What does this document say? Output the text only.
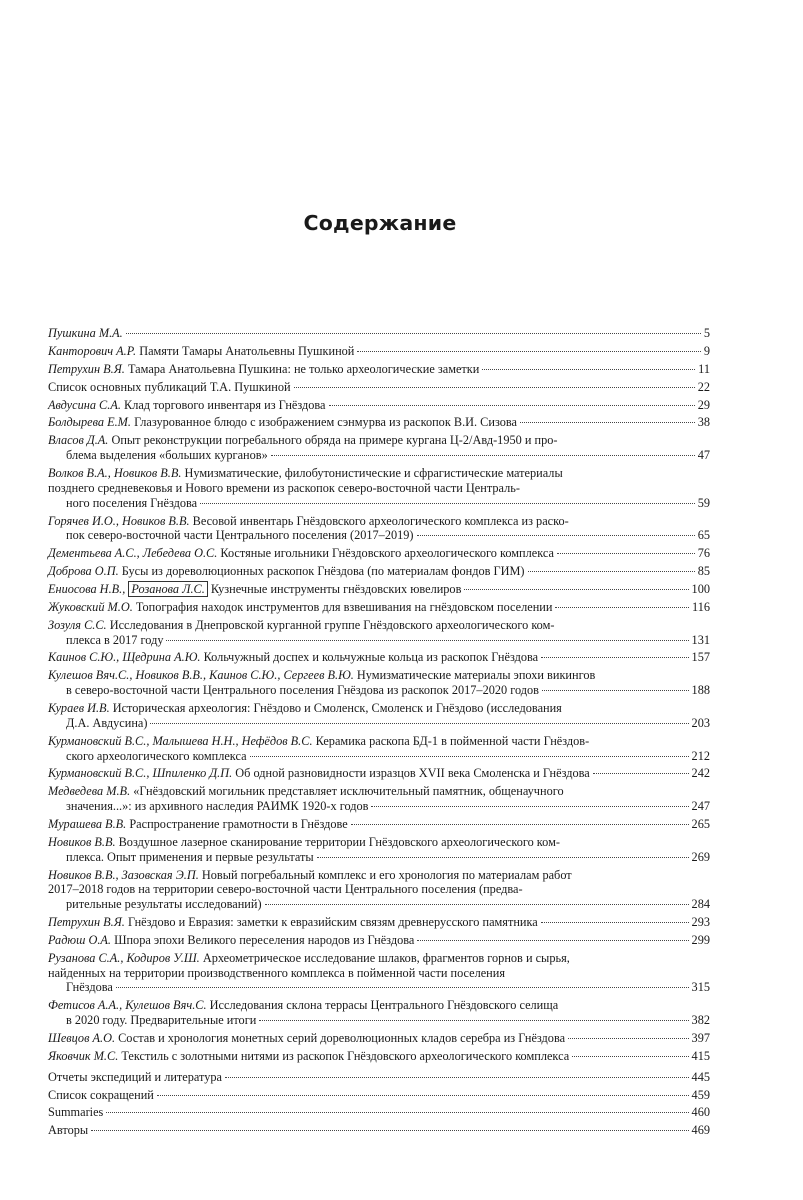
Содержание
Пушкина М.А.	5
Канторович А.Р. Памяти Тамары Анатольевны Пушкиной	9
Петрухин В.Я. Тамара Анатольевна Пушкина: не только археологические заметки	11
Список основных публикаций Т.А. Пушкиной	22
Авдусина С.А. Клад торгового инвентаря из Гнёздова	29
Болдырева Е.М. Глазурованное блюдо с изображением сэнмурва из раскопок В.И. Сизова	38
Власов Д.А. Опыт реконструкции погребального обряда на примере кургана Ц-2/Авд-1950 и про-
блема выделения «больших курганов»	47
Волков В.А., Новиков В.В. Нумизматические, филобутонистические и сфрагистические материалы
позднего средневековья и Нового времени из раскопок северо-восточной части Централь-
ного поселения Гнёздова	59
Горячев И.О., Новиков В.В. Весовой инвентарь Гнёздовского археологического комплекса из раско-
пок северо-восточной части Центрального поселения (2017–2019)	65
Дементьева А.С., Лебедева О.С. Костяные игольники Гнёздовского археологического комплекса	76
Доброва О.П. Бусы из дореволюционных раскопок Гнёздова (по материалам фондов ГИМ)	85
Ениосова Н.В., Розанова Л.С. Кузнечные инструменты гнёздовских ювелиров	100
Жуковский М.О. Топография находок инструментов для взвешивания на гнёздовском поселении	116
Зозуля С.С. Исследования в Днепровской курганной группе Гнёздовского археологического ком-
плекса в 2017 году	131
Каинов С.Ю., Щедрина А.Ю. Кольчужный доспех и кольчужные кольца из раскопок Гнёздова	157
Кулешов Вяч.С., Новиков В.В., Каинов С.Ю., Сергеев В.Ю. Нумизматические материалы эпохи викингов
в северо-восточной части Центрального поселения Гнёздова из раскопок 2017–2020 годов	188
Кураев И.В. Историческая археология: Гнёздово и Смоленск, Смоленск и Гнёздово (исследования
Д.А. Авдусина)	203
Курмановский В.С., Малышева Н.Н., Нефёдов В.С. Керамика раскопа БД-1 в пойменной части Гнёздов-
ского археологического комплекса	212
Курмановский В.С., Шпиленко Д.П. Об одной разновидности изразцов XVII века Смоленска и Гнёздова	242
Медведева М.В. «Гнёздовский могильник представляет исключительный памятник, общенаучного
значения...»: из архивного наследия РАИМК 1920-х годов	247
Мурашева В.В. Распространение грамотности в Гнёздове	265
Новиков В.В. Воздушное лазерное сканирование территории Гнёздовского археологического ком-
плекса. Опыт применения и первые результаты	269
Новиков В.В., Зазовская Э.П. Новый погребальный комплекс и его хронология по материалам работ
2017–2018 годов на территории северо-восточной части Центрального поселения (предва-
рительные результаты исследований)	284
Петрухин В.Я. Гнёздово и Евразия: заметки к евразийским связям древнерусского памятника	293
Радюш О.А. Шпора эпохи Великого переселения народов из Гнёздова	299
Рузанова С.А., Кодиров У.Ш. Археометрическое исследование шлаков, фрагментов горнов и сырья,
найденных на территории производственного комплекса в пойменной части поселения
Гнёздова	315
Фетисов А.А., Кулешов Вяч.С. Исследования склона террасы Центрального Гнёздовского селища
в 2020 году. Предварительные итоги	382
Шевцов А.О. Состав и хронология монетных серий дореволюционных кладов серебра из Гнёздова	397
Яковчик М.С. Текстиль с золотными нитями из раскопок Гнёздовского археологического комплекса	415
Отчеты экспедиций и литература	445
Список сокращений	459
Summaries	460
Авторы	469
